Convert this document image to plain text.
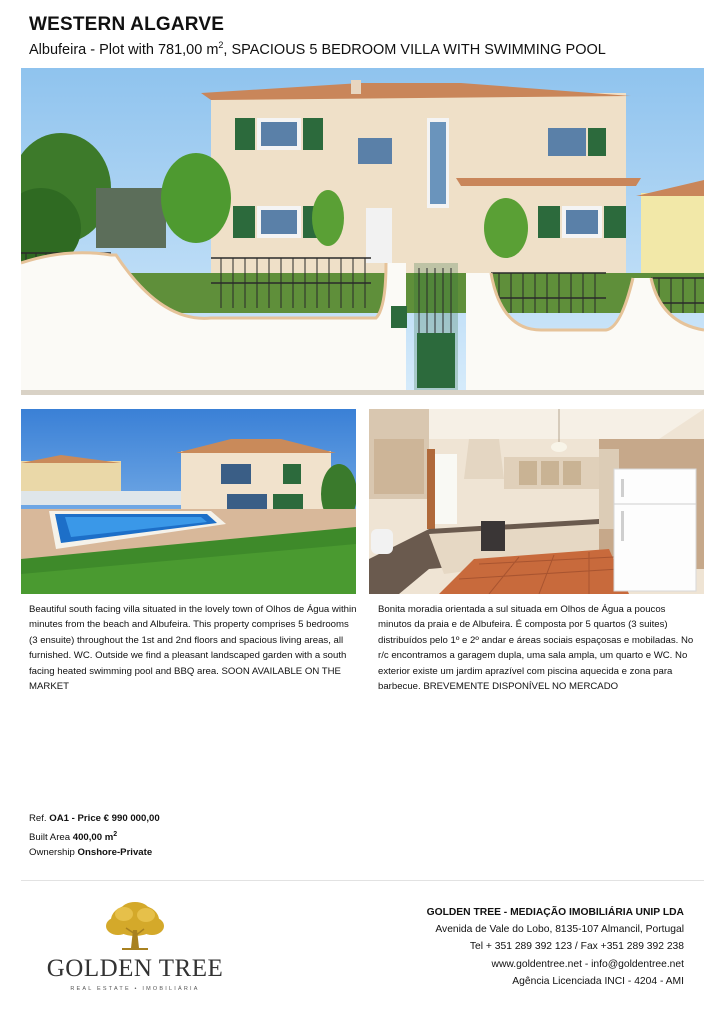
WESTERN ALGARVE
Albufeira - Plot with 781,00 $m^2$, SPACIOUS 5 BEDROOM VILLA WITH SWIMMING POOL
Beautiful south facing villa situated in the lovely town of Olhos de Água within minutes from the beach and Albufeira. This property comprises 5 bedrooms (3 ensuite) throughout the 1st and 2nd floors and spacious living areas, all furnished. WC. Outside we find a pleasant landscaped garden with a south facing heated swimming pool and BBQ area. SOON AVAILABLE ON THE MARKET
Bonita moradia orientada a sul situada em Olhos de Água a poucos minutos da praia e de Albufeira. É composta por 5 quartos (3 suites) distribuídos pelo 1º e 2º andar e áreas sociais espaçosas e mobiladas. No r/c encontramos a garagem dupla, uma sala ampla, um quarto e WC. No exterior existe um jardim aprazível com piscina aquecida e zona para barbecue. BREVEMENTE DISPONÍVEL NO MERCADO
Ref. OA1 - Price € 990 000,00
Built Area 400,00 $m^2$
Ownership Onshore-Private
GOLDEN TREE
REAL ESTATE • IMOBILIÁRIA
GOLDEN TREE - MEDIAÇÃO IMOBILIÁRIA UNIP LDA
Avenida de Vale do Lobo, 8135-107 Almancil, Portugal
Tel + 351 289 392 123 / Fax +351 289 392 238
www.goldentree.net - info@goldentree.net
Agência Licenciada INCI - 4204 - AMI
